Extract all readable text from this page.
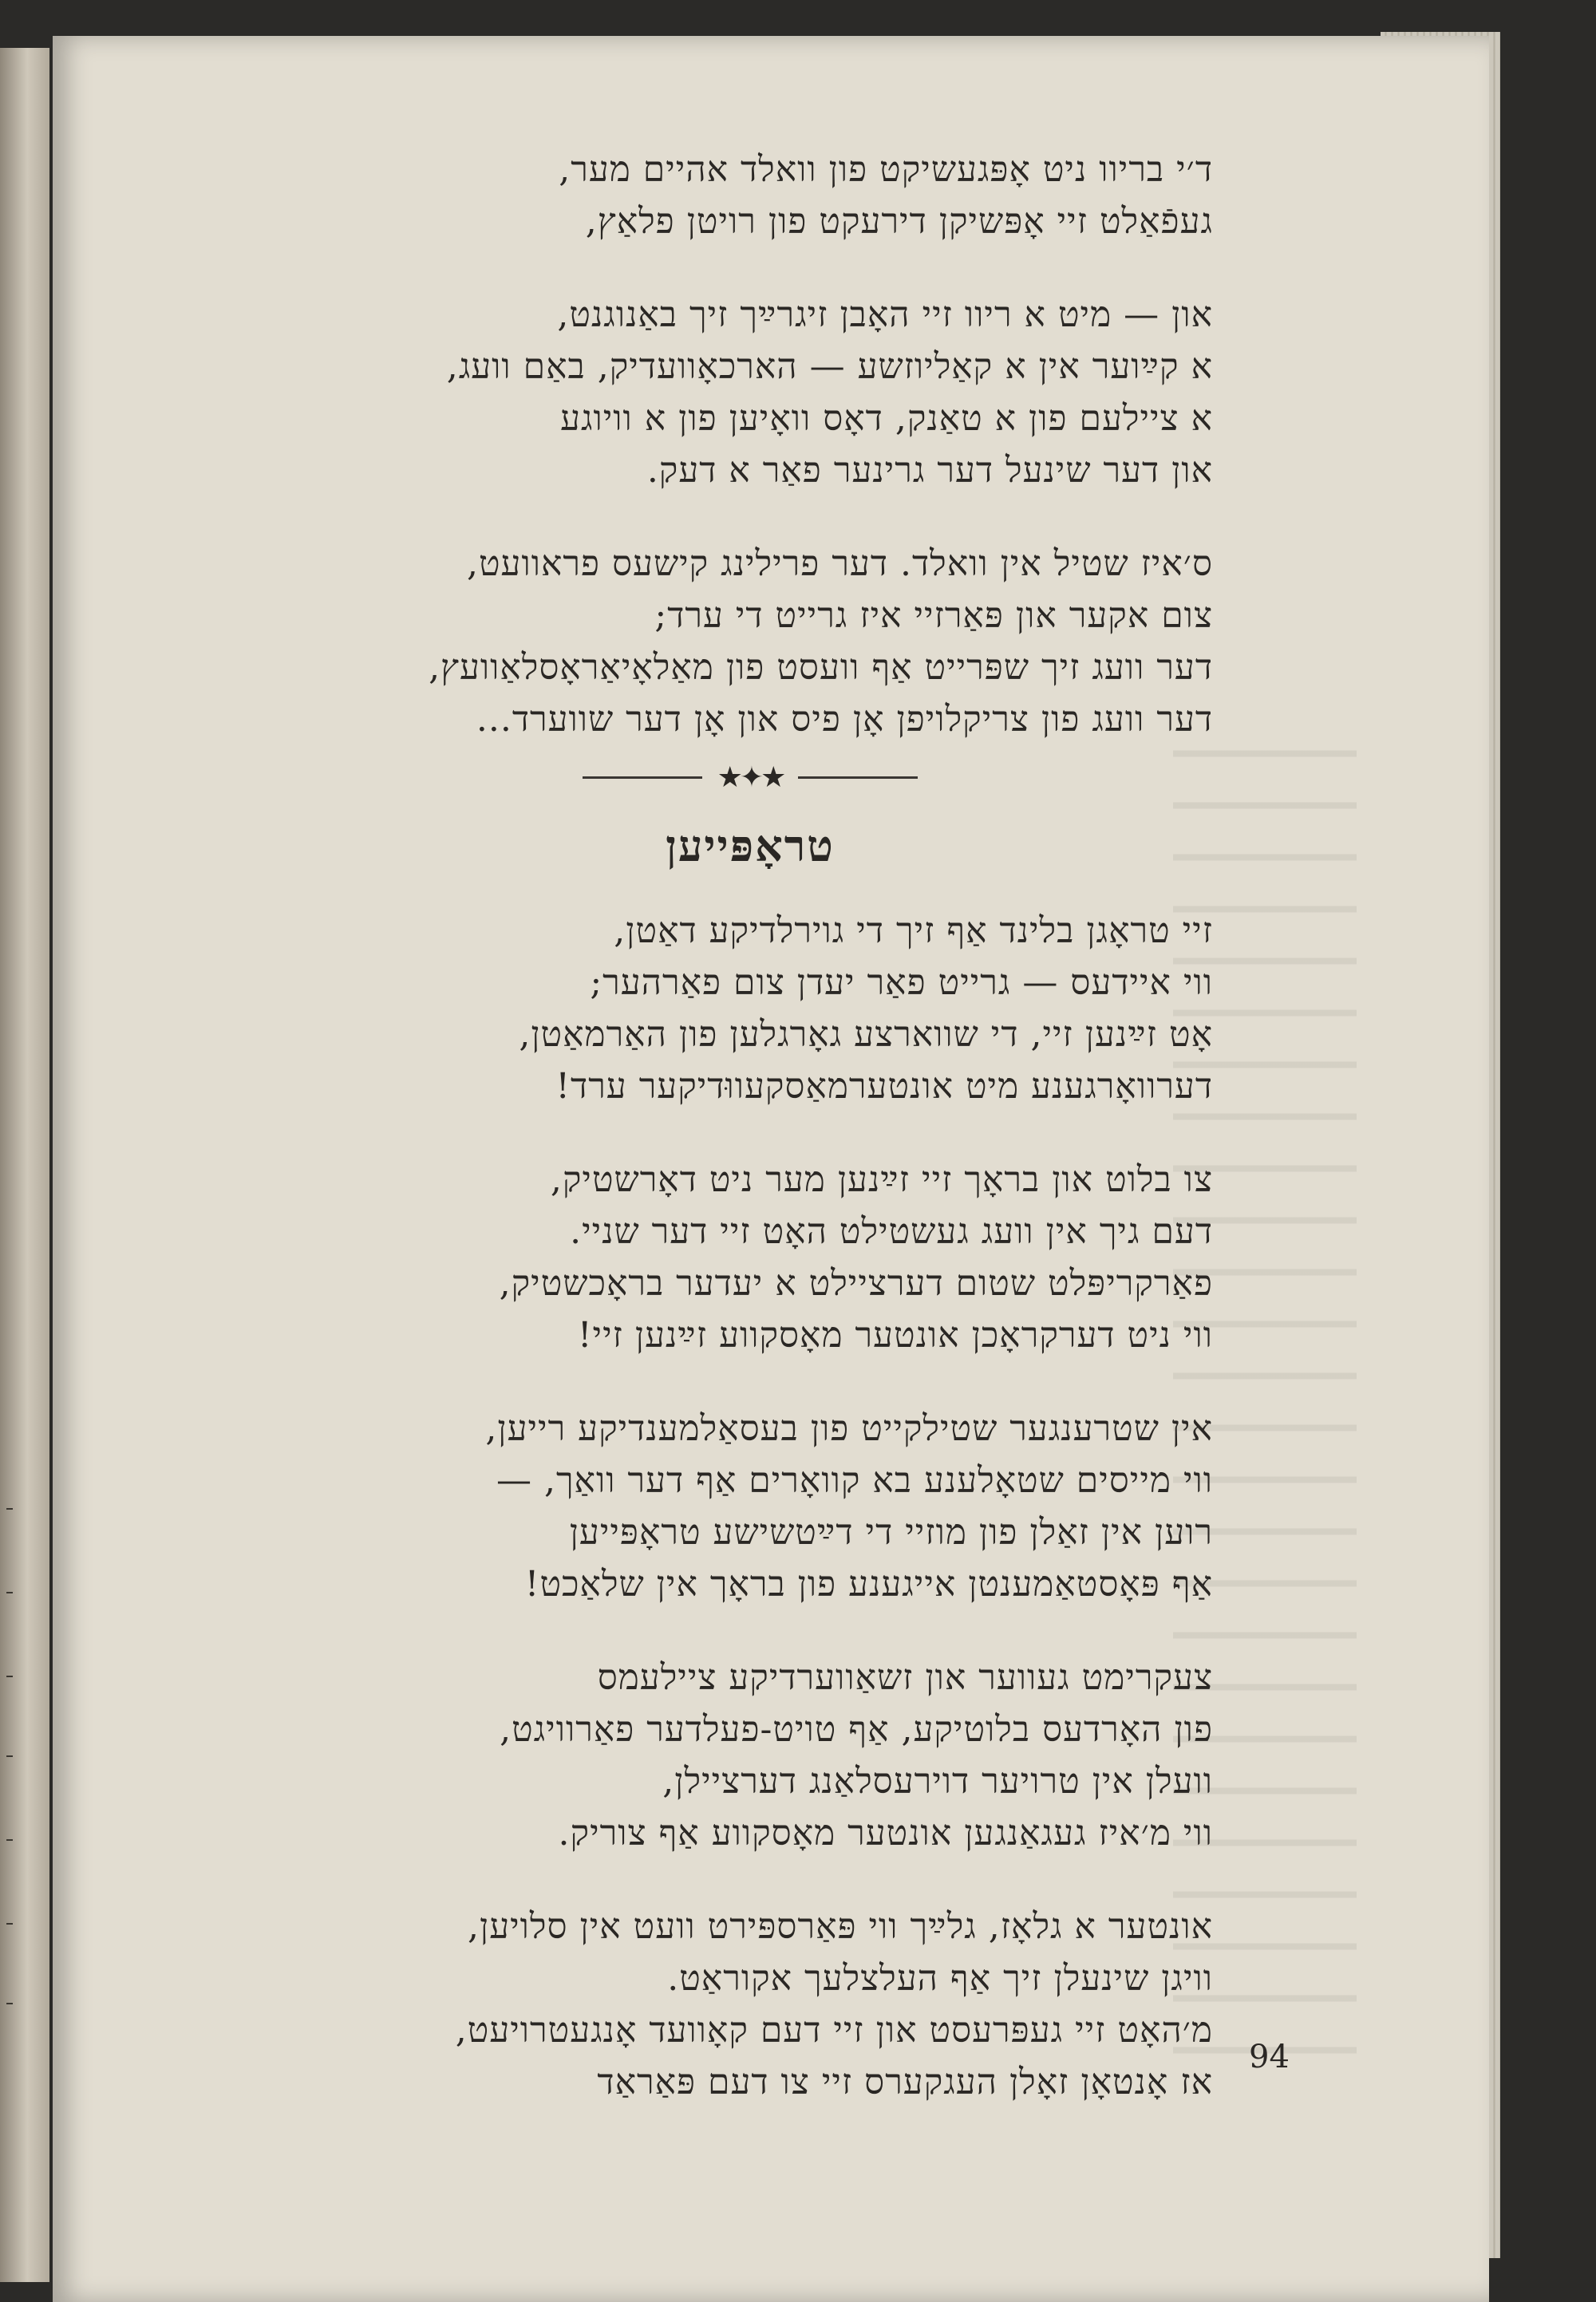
ד׳י בריוו ניט אָפּגעשיקט פון וואלד אהיים מער,
געפֿאַלט זיי אָפּשיקן דירעקט פון רויטן פלאַץ,
און — מיט א ריוו זיי האָבן זיגרײַך זיך באַנוגנט,
א קײַוער אין א קאַליוזשע — הארכאָוועדיק, באַם וועג,
א ציילעם פון א טאַנק, דאָס וואָיען פון א וויוגע
און דער שינעל דער גרינער פאַר א דעק.
ס׳איז שטיל אין וואלד. דער פרילינג קישעס פראוועט,
צום אקער און פּאַרזיי איז גרייט די ערד;
דער וועג זיך שפּרייט אַף וועסט פון מאַלאָיאַראָסלאַוועץ,
דער וועג פון צריקלויפן אָן פיס און אָן דער שווערד...
★✦★
טראָפּייען
זיי טראָגן בלינד אַף זיך די גוירלדיקע דאַטן,
ווי איידעס — גרייט פאַר יעדן צום פאַרהער;
אָט זײַנען זיי, די שווארצע גאָרגלען פון האַרמאַטן,
דערוואָרגענע מיט אונטערמאַסקעווּדיקער ערד!
צו בלוט און בראָך זיי זײַנען מער ניט דאָרשטיק,
דעם גיך אין וועג געשטילט האָט זיי דער שניי.
פאַרקריפּלט שטום דערציילט א יעדער בראָכשטיק,
ווי ניט דערקראָכן אונטער מאָסקווע זײַנען זיי!
אין שטרענגער שטילקייט פון בעסאַלמענדיקע רייען,
ווי מייסים שטאָלענע בא קוואָרים אַף דער וואַך, —
רוען אין זאַלן פון מוזיי די דײַטשישע טראָפּייען
אַף פּאָסטאַמענטן אייגענע פון בראָך אין שלאַכט!
צעקרימט געווער און זשאַווערדיקע ציילעמס
פון האָרדעס בלוטיקע, אַף טויט-פעלדער פאַרוויגט,
וועלן אין טרויער דוירעסלאַנג דערציילן,
ווי מ׳איז געגאַנגען אונטער מאָסקווע אַף צוריק.
אונטער א גלאָז, גלײַך ווי פּאַרספּירט וועט אין סלויען,
וויגן שינעלן זיך אַף העלצלעך אקוראַט.
מ׳האָט זיי געפּרעסט און זיי דעם קאָוועד אָנגעטרויעט,
אז אָנטאָן זאָלן העגקערס זיי צו דעם פּאַראַד
94
